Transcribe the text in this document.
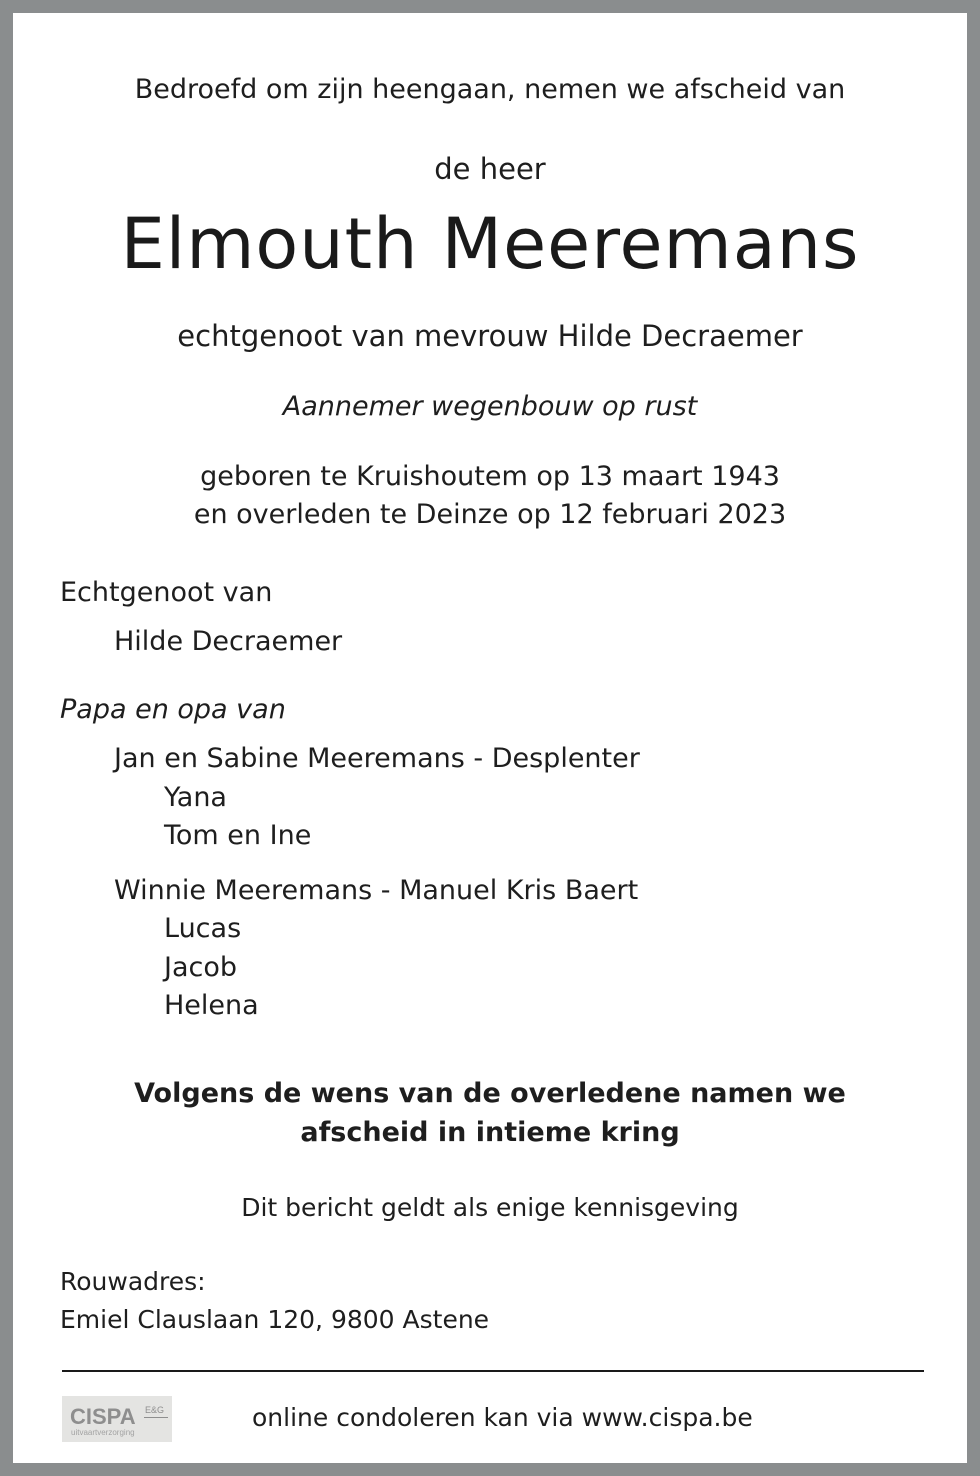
Bedroefd om zijn heengaan, nemen we afscheid van
de heer
Elmouth Meeremans
echtgenoot van mevrouw Hilde Decraemer
Aannemer wegenbouw op rust
geboren te Kruishoutem op 13 maart 1943
en overleden te Deinze op 12 februari 2023
Echtgenoot van
Hilde Decraemer
Papa en opa van
Jan en Sabine Meeremans - Desplenter
Yana
Tom en Ine
Winnie Meeremans - Manuel Kris Baert
Lucas
Jacob
Helena
Volgens de wens van de overledene namen we
afscheid in intieme kring
Dit bericht geldt als enige kennisgeving
Rouwadres:
Emiel Clauslaan 120, 9800 Astene
CISPA E&G
uitvaartverzorging
online condoleren kan via www.cispa.be
